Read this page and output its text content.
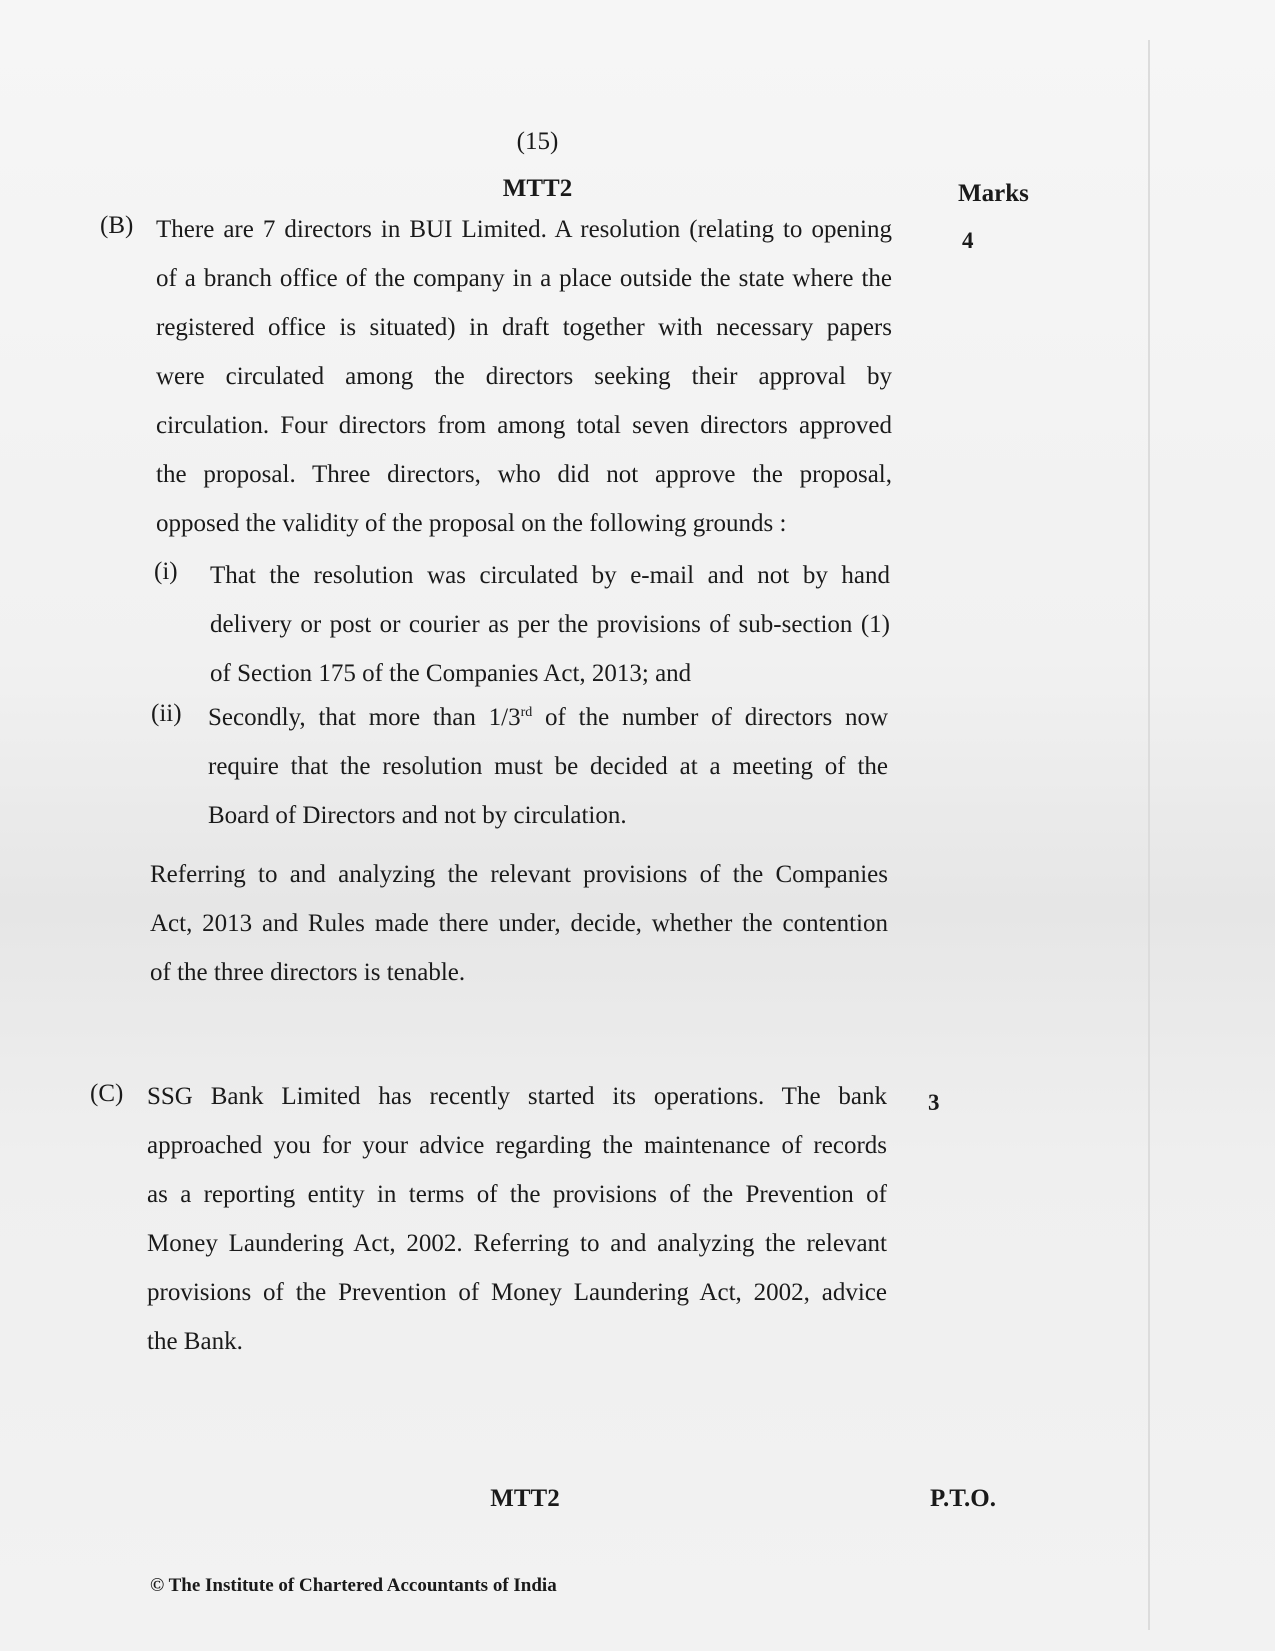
(15)
MTT2	Marks
(B)
4
There are 7 directors in BUI Limited. A resolution (relating to opening
of a branch office of the company in a place outside the state where the
registered office is situated) in draft together with necessary papers
were circulated among the directors seeking their approval by
circulation. Four directors from among total seven directors approved
the proposal. Three directors, who did not approve the proposal,
opposed the validity of the proposal on the following grounds :
(i) That the resolution was circulated by e-mail and not by hand
delivery or post or courier as per the provisions of sub-section (1)
of Section 175 of the Companies Act, 2013; and
(ii) Secondly, that more than 1/3rd of the number of directors now
require that the resolution must be decided at a meeting of the
Board of Directors and not by circulation.
Referring to and analyzing the relevant provisions of the Companies
Act, 2013 and Rules made there under, decide, whether the contention
of the three directors is tenable.
(C)	3
SSG Bank Limited has recently started its operations. The bank
approached you for your advice regarding the maintenance of records
as a reporting entity in terms of the provisions of the Prevention of
Money Laundering Act, 2002. Referring to and analyzing the relevant
provisions of the Prevention of Money Laundering Act, 2002, advice
the Bank.
MTT2	P.T.O.
© The Institute of Chartered Accountants of India
